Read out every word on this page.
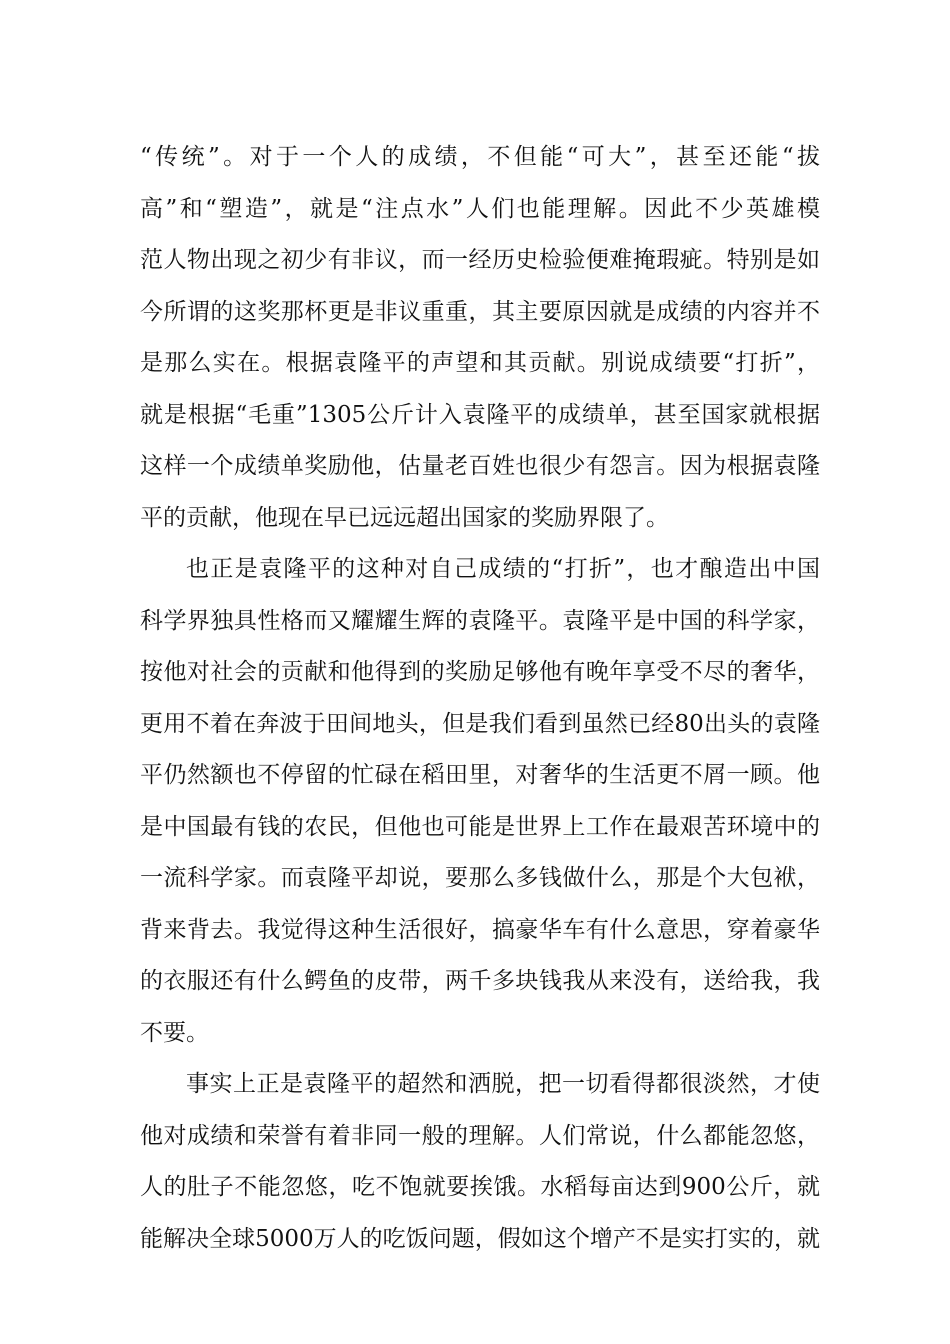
“传统”。对于一个人的成绩，不但能“可大”，甚至还能“拔
高”和“塑造”，就是“注点水”人们也能理解。因此不少英雄模
范人物出现之初少有非议，而一经历史检验便难掩瑕疵。特别是如
今所谓的这奖那杯更是非议重重，其主要原因就是成绩的内容并不
是那么实在。根据袁隆平的声望和其贡献。别说成绩要“打折”，
就是根据“毛重”1305公斤计入袁隆平的成绩单，甚至国家就根据
这样一个成绩单奖励他，估量老百姓也很少有怨言。因为根据袁隆
平的贡献，他现在早已远远超出国家的奖励界限了。

也正是袁隆平的这种对自己成绩的“打折”，也才酿造出中国
科学界独具性格而又耀耀生辉的袁隆平。袁隆平是中国的科学家，
按他对社会的贡献和他得到的奖励足够他有晚年享受不尽的奢华，
更用不着在奔波于田间地头，但是我们看到虽然已经80出头的袁隆
平仍然额也不停留的忙碌在稻田里，对奢华的生活更不屑一顾。他
是中国最有钱的农民，但他也可能是世界上工作在最艰苦环境中的
一流科学家。而袁隆平却说，要那么多钱做什么，那是个大包袱，
背来背去。我觉得这种生活很好，搞豪华车有什么意思，穿着豪华
的衣服还有什么鳄鱼的皮带，两千多块钱我从来没有，送给我，我
不要。

事实上正是袁隆平的超然和洒脱，把一切看得都很淡然，才使
他对成绩和荣誉有着非同一般的理解。人们常说，什么都能忽悠，
人的肚子不能忽悠，吃不饱就要挨饿。水稻每亩达到900公斤，就
能解决全球5000万人的吃饭问题，假如这个增产不是实打实的，就
